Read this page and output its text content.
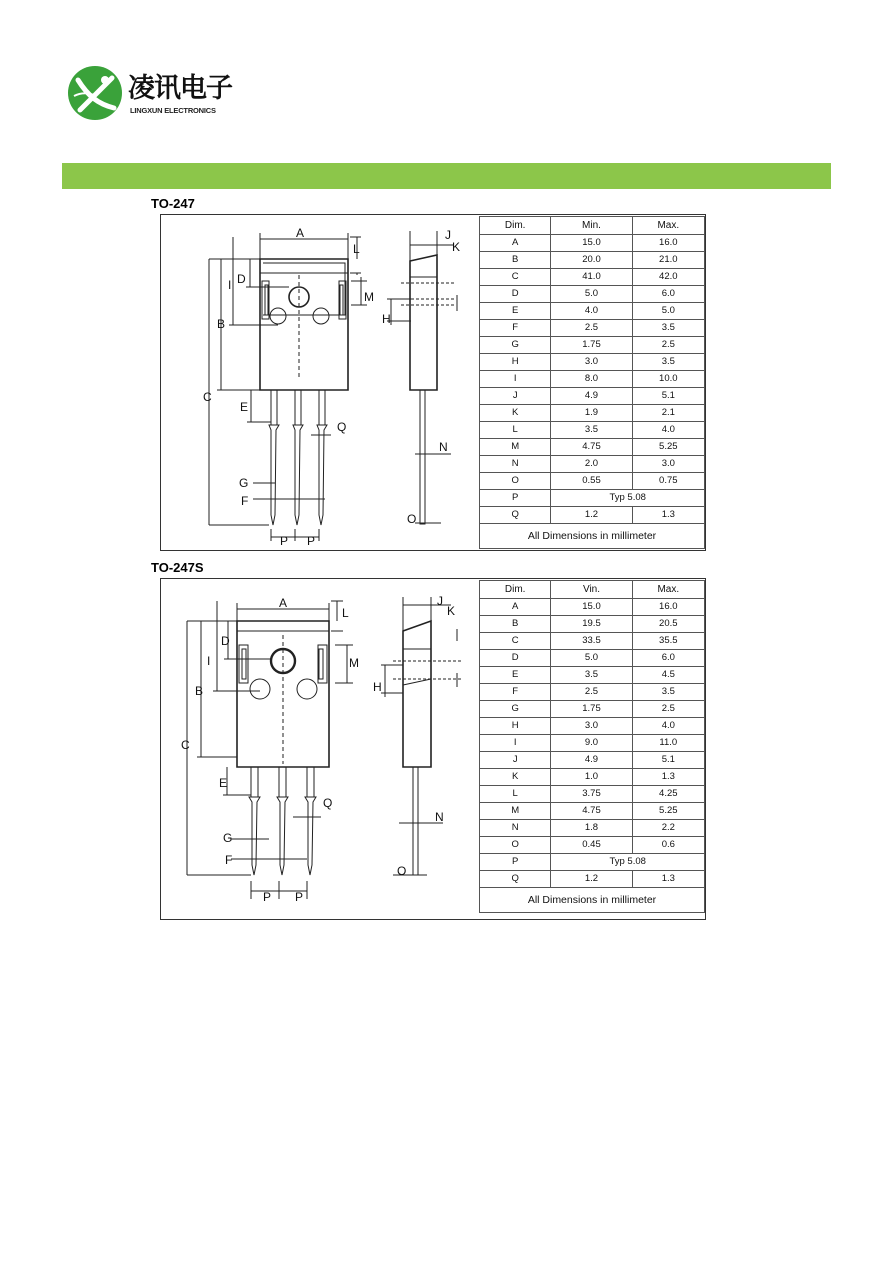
凌讯电子
LINGXUN ELECTRONICS
TO-247
A
B
C
D
E
F
G
H
I
J
K
L
M
N
O
P P
Q
Dim.	Min.	Max.
A	15.0	16.0
B	20.0	21.0
C	41.0	42.0
D	5.0	6.0
E	4.0	5.0
F	2.5	3.5
G	1.75	2.5
H	3.0	3.5
I	8.0	10.0
J	4.9	5.1
K	1.9	2.1
L	3.5	4.0
M	4.75	5.25
N	2.0	3.0
O	0.55	0.75
P	Typ 5.08	
Q	1.2	1.3
All Dimensions in millimeter		
TO-247S
A
B
C
D
E
F
G
H
I
J
K
L
M
N
O
P P
Q
Dim.	Vin.	Max.
A	15.0	16.0
B	19.5	20.5
C	33.5	35.5
D	5.0	6.0
E	3.5	4.5
F	2.5	3.5
G	1.75	2.5
H	3.0	4.0
I	9.0	11.0
J	4.9	5.1
K	1.0	1.3
L	3.75	4.25
M	4.75	5.25
N	1.8	2.2
O	0.45	0.6
P	Typ 5.08	
Q	1.2	1.3
All Dimensions in millimeter		
